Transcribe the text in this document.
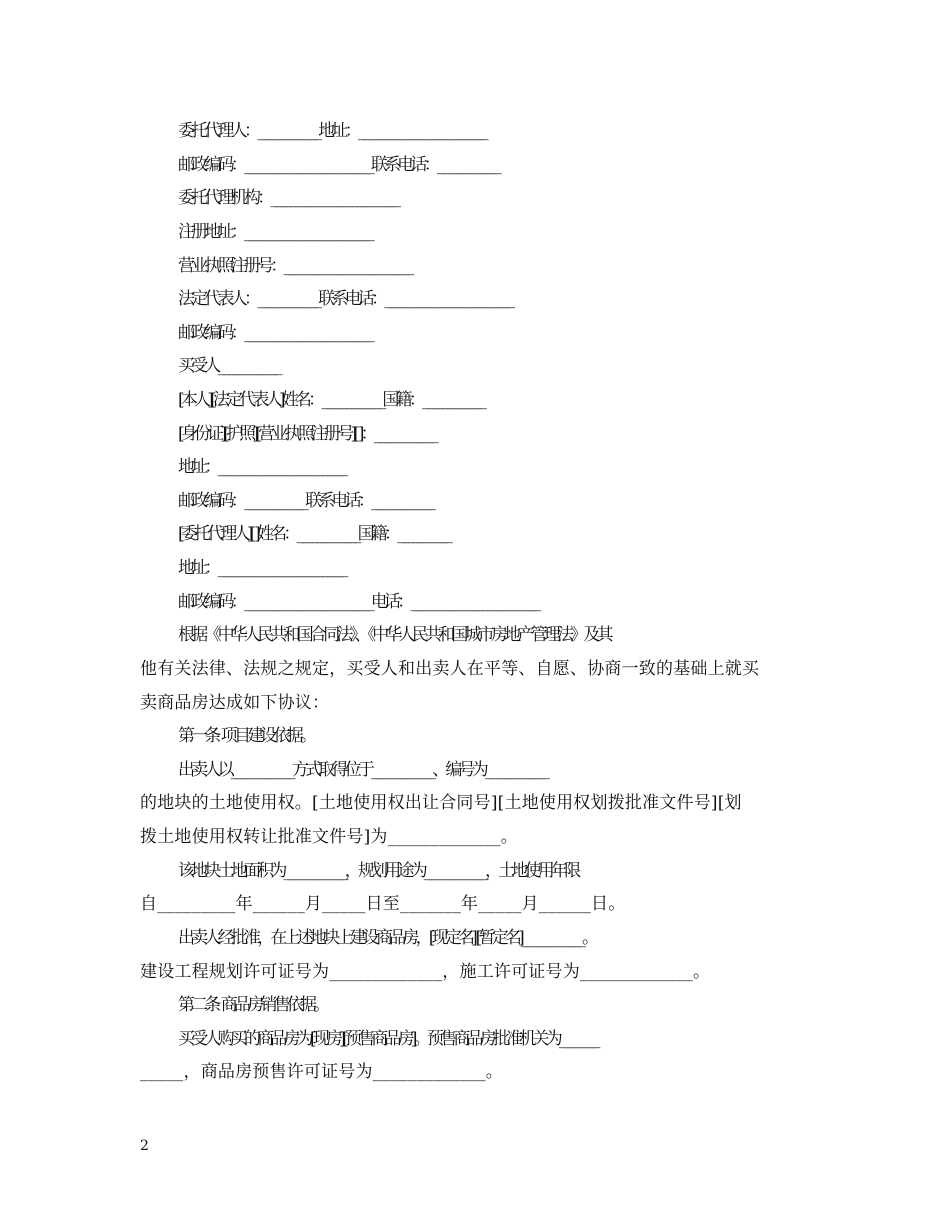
委托代理人：_____________地址：___________________________
邮政编码：___________________________联系电话：_____________
委托代理机构：___________________________
注册地址：___________________________
营业执照注册号：___________________________
法定代表人：_____________联系电话：___________________________
邮政编码：___________________________
买受人_____________
[本人][法定代表人]姓名：_____________国籍：_____________
[身份证][护照][营业执照注册号][ ]：_____________
地址：___________________________
邮政编码：_____________联系电话：_____________
[委托代理人][ ]姓名：_____________国籍：___________
地址：___________________________
邮政编码：___________________________电话：___________________________
根据《中华人民共和国合同法》、《中华人民共和国城市房地产管理法》及其
他有关法律、法规之规定，买受人和出卖人在平等、自愿、协商一致的基础上就买
卖商品房达成如下协议：
第一条  项目建设依据。
出卖人以_____________方式取得位于_____________、编号为_____________
的地块的土地使用权。[土地使用权出让合同号][土地使用权划拨批准文件号][划
拨土地使用权转让批准文件号]为_____________。
该地块土地面积为_____________，规划用途为_____________，土地使用年限
自_________年______月_____日至_______年_____月______日。
出卖人经批准，在上述地块上建设商品房，[现定名] [暂定名]_____________。
建设工程规划许可证号为_____________，施工许可证号为_____________。
第二条  商品房销售依据。
买受人购买的商品房为[现房][预售商品房]。预售商品房批准机关为________
_____，商品房预售许可证号为_____________。
2
